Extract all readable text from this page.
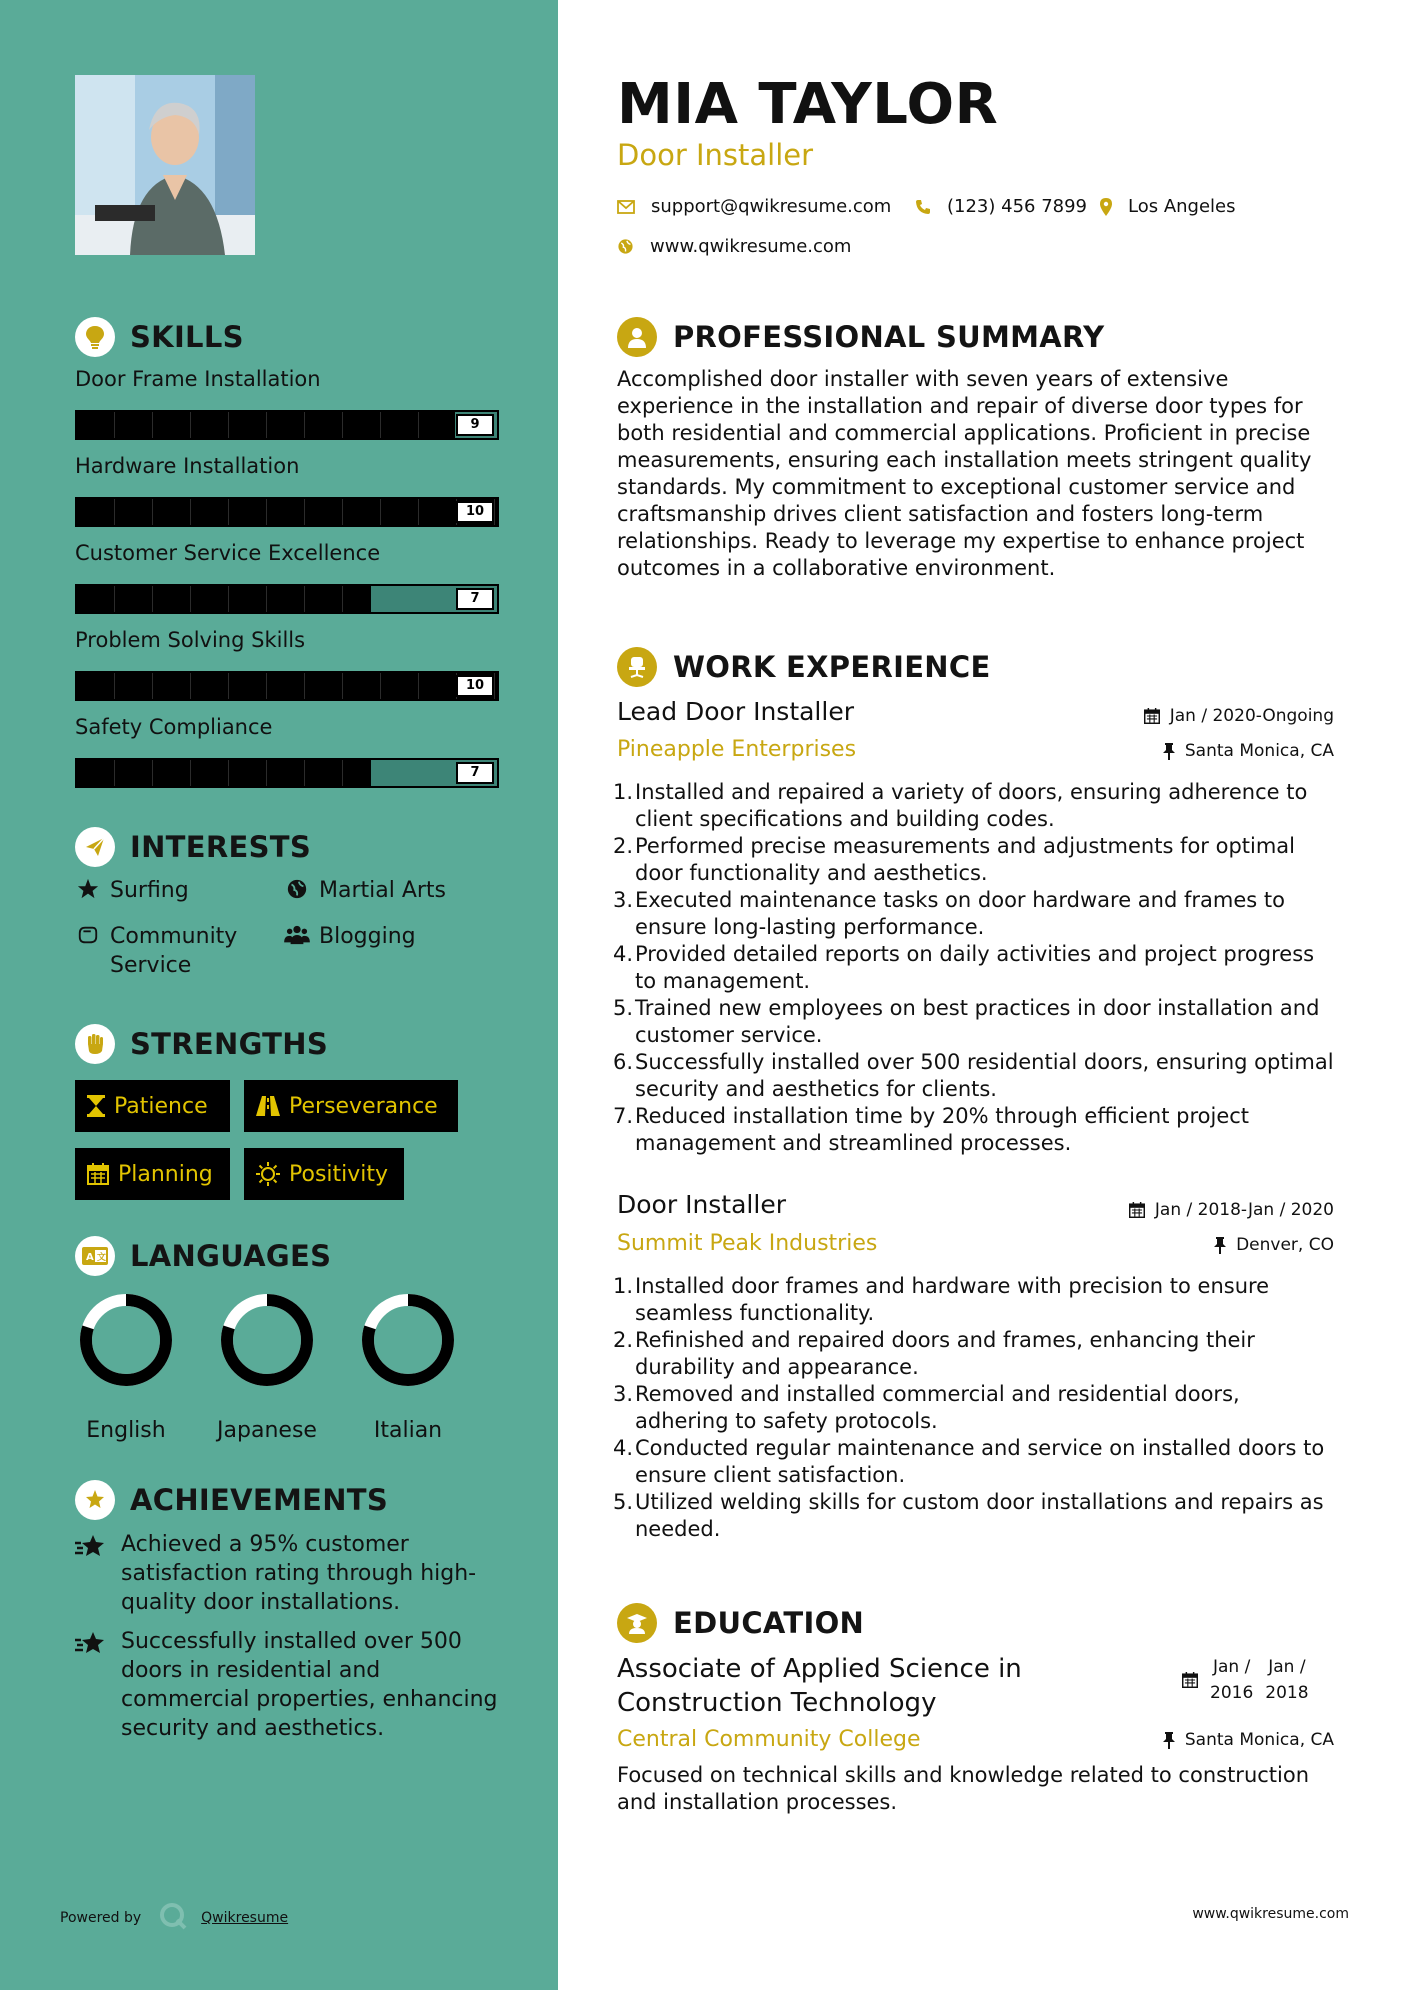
SKILLS
Door Frame Installation
9
Hardware Installation
10
Customer Service Excellence
7
Problem Solving Skills
10
Safety Compliance
7
INTERESTS
Surfing	Martial Arts
Community Service
Blogging
STRENGTHS
Patience	Perseverance
Planning	Positivity
A 文 LANGUAGES
English	Japanese	Italian
ACHIEVEMENTS
Achieved a 95% customer satisfaction rating through high-quality door installations.
Successfully installed over 500 doors in residential and commercial properties, enhancing security and aesthetics.
Powered by	Qwikresume
MIA TAYLOR
Door Installer
support@qwikresume.com	(123) 456 7899 Los Angeles
www.qwikresume.com
PROFESSIONAL SUMMARY
Accomplished door installer with seven years of extensive experience in the installation and repair of diverse door types for both residential and commercial applications. Proficient in precise measurements, ensuring each installation meets stringent quality standards. My commitment to exceptional customer service and craftsmanship drives client satisfaction and fosters long-term relationships. Ready to leverage my expertise to enhance project outcomes in a collaborative environment.
WORK EXPERIENCE
Lead Door Installer	Jan / 2020-Ongoing
Pineapple Enterprises	Santa Monica, CA
1. Installed and repaired a variety of doors, ensuring adherence to client specifications and building codes.
2. Performed precise measurements and adjustments for optimal door functionality and aesthetics.
3. Executed maintenance tasks on door hardware and frames to ensure long-lasting performance.
4. Provided detailed reports on daily activities and project progress to management.
5. Trained new employees on best practices in door installation and customer service.
6. Successfully installed over 500 residential doors, ensuring optimal security and aesthetics for clients.
7. Reduced installation time by 20% through efficient project management and streamlined processes.
Door Installer	Jan / 2018-Jan / 2020
Summit Peak Industries	Denver, CO
1. Installed door frames and hardware with precision to ensure seamless functionality.
2. Refinished and repaired doors and frames, enhancing their durability and appearance.
3. Removed and installed commercial and residential doors, adhering to safety protocols.
4. Conducted regular maintenance and service on installed doors to ensure client satisfaction.
5. Utilized welding skills for custom door installations and repairs as needed.
EDUCATION
Associate of Applied Science in Construction Technology
Jan /
2016
Jan /
2018
Central Community College	Santa Monica, CA
Focused on technical skills and knowledge related to construction and installation processes.
www.qwikresume.com
